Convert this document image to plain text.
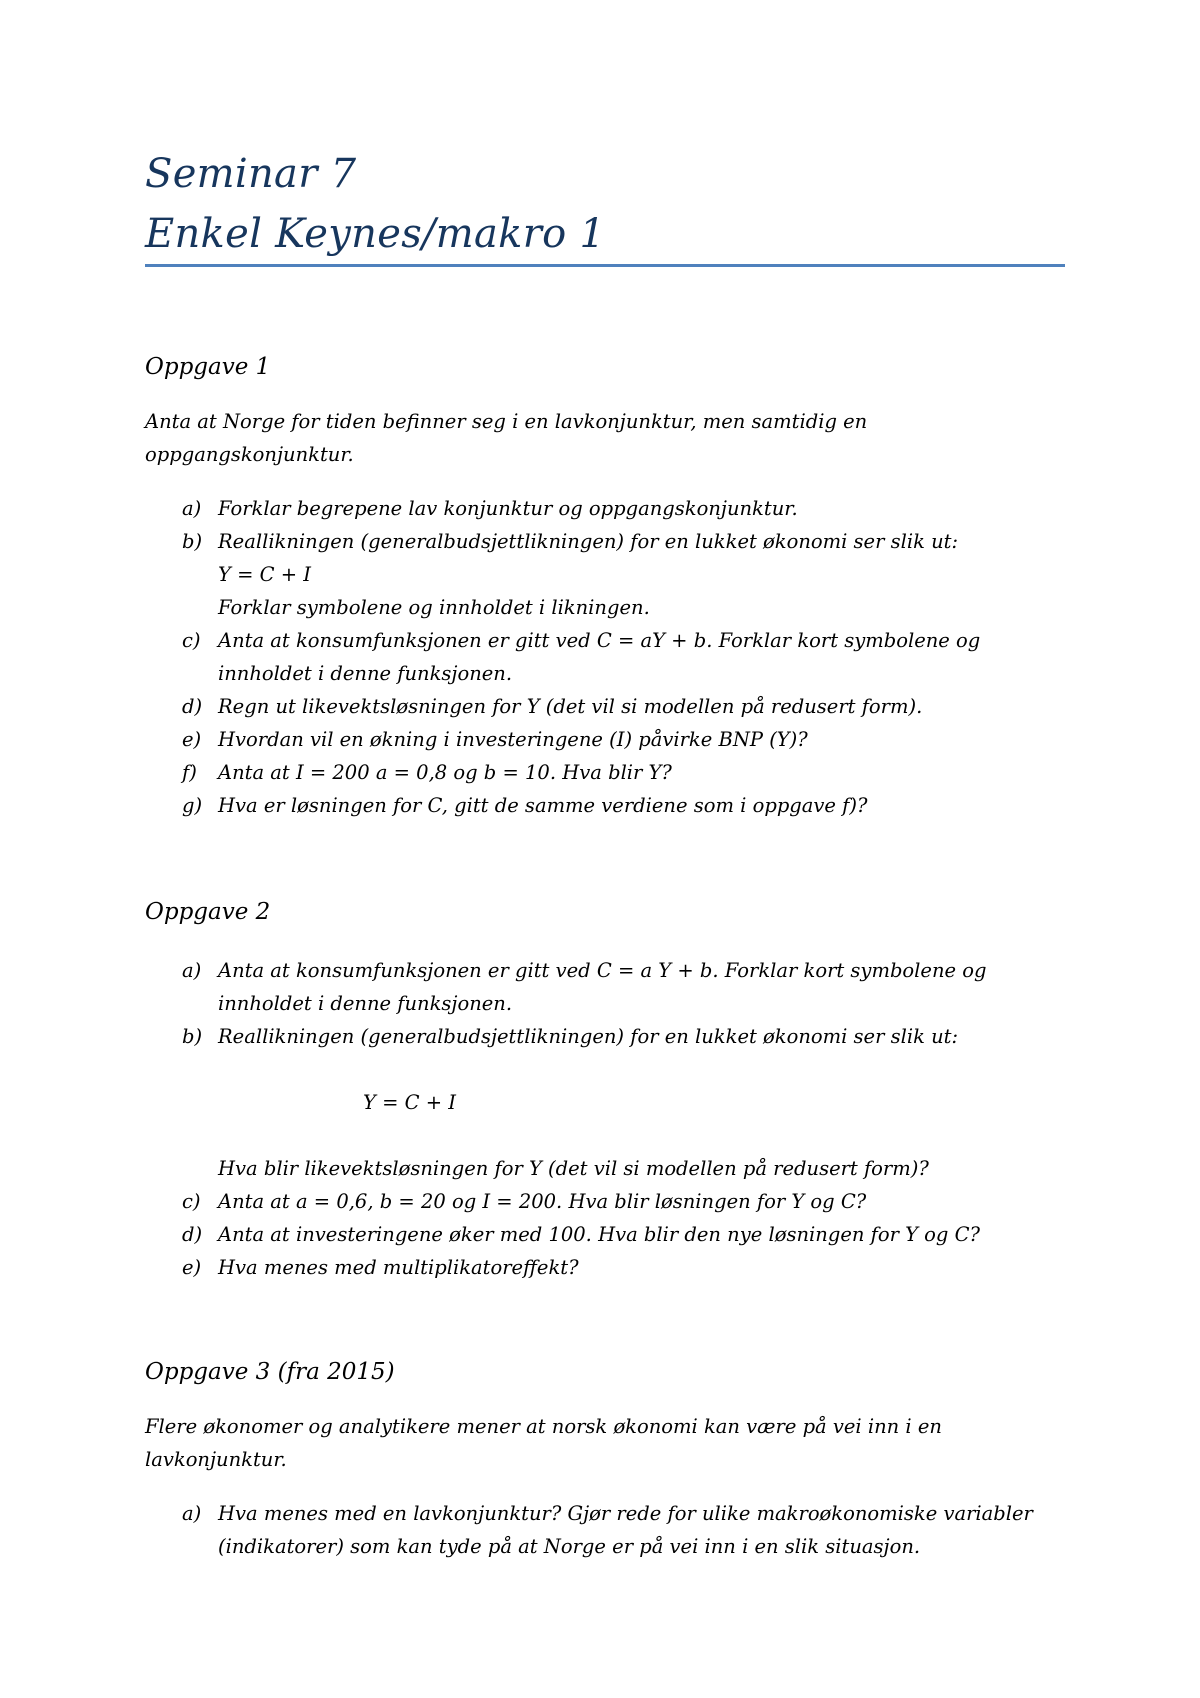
Seminar 7
Enkel Keynes/makro 1
Oppgave 1
Anta at Norge for tiden befinner seg i en lavkonjunktur, men samtidig en oppgangskonjunktur.
a) Forklar begrepene lav konjunktur og oppgangskonjunktur.
b) Reallikningen (generalbudsjettlikningen) for en lukket økonomi ser slik ut:
Y = C + I
Forklar symbolene og innholdet i likningen.
c) Anta at konsumfunksjonen er gitt ved C = aY + b. Forklar kort symbolene og
innholdet i denne funksjonen.
d) Regn ut likevektsløsningen for Y (det vil si modellen på redusert form).
e) Hvordan vil en økning i investeringene (I) påvirke BNP (Y)?
f)	Anta at I = 200 a = 0,8 og b = 10. Hva blir Y?
g) Hva er løsningen for C, gitt de samme verdiene som i oppgave f)?
Oppgave 2
a) Anta at konsumfunksjonen er gitt ved C = a Y + b. Forklar kort symbolene og
innholdet i denne funksjonen.
b) Reallikningen (generalbudsjettlikningen) for en lukket økonomi ser slik ut:
Y = C + I
Hva blir likevektsløsningen for Y (det vil si modellen på redusert form)?
c) Anta at a = 0,6, b = 20 og I = 200. Hva blir løsningen for Y og C?
d) Anta at investeringene øker med 100. Hva blir den nye løsningen for Y og C?
e) Hva menes med multiplikatoreffekt?
Oppgave 3 (fra 2015)
Flere økonomer og analytikere mener at norsk økonomi kan være på vei inn i en
lavkonjunktur.
a) Hva menes med en lavkonjunktur? Gjør rede for ulike makroøkonomiske variabler
(indikatorer) som kan tyde på at Norge er på vei inn i en slik situasjon.
